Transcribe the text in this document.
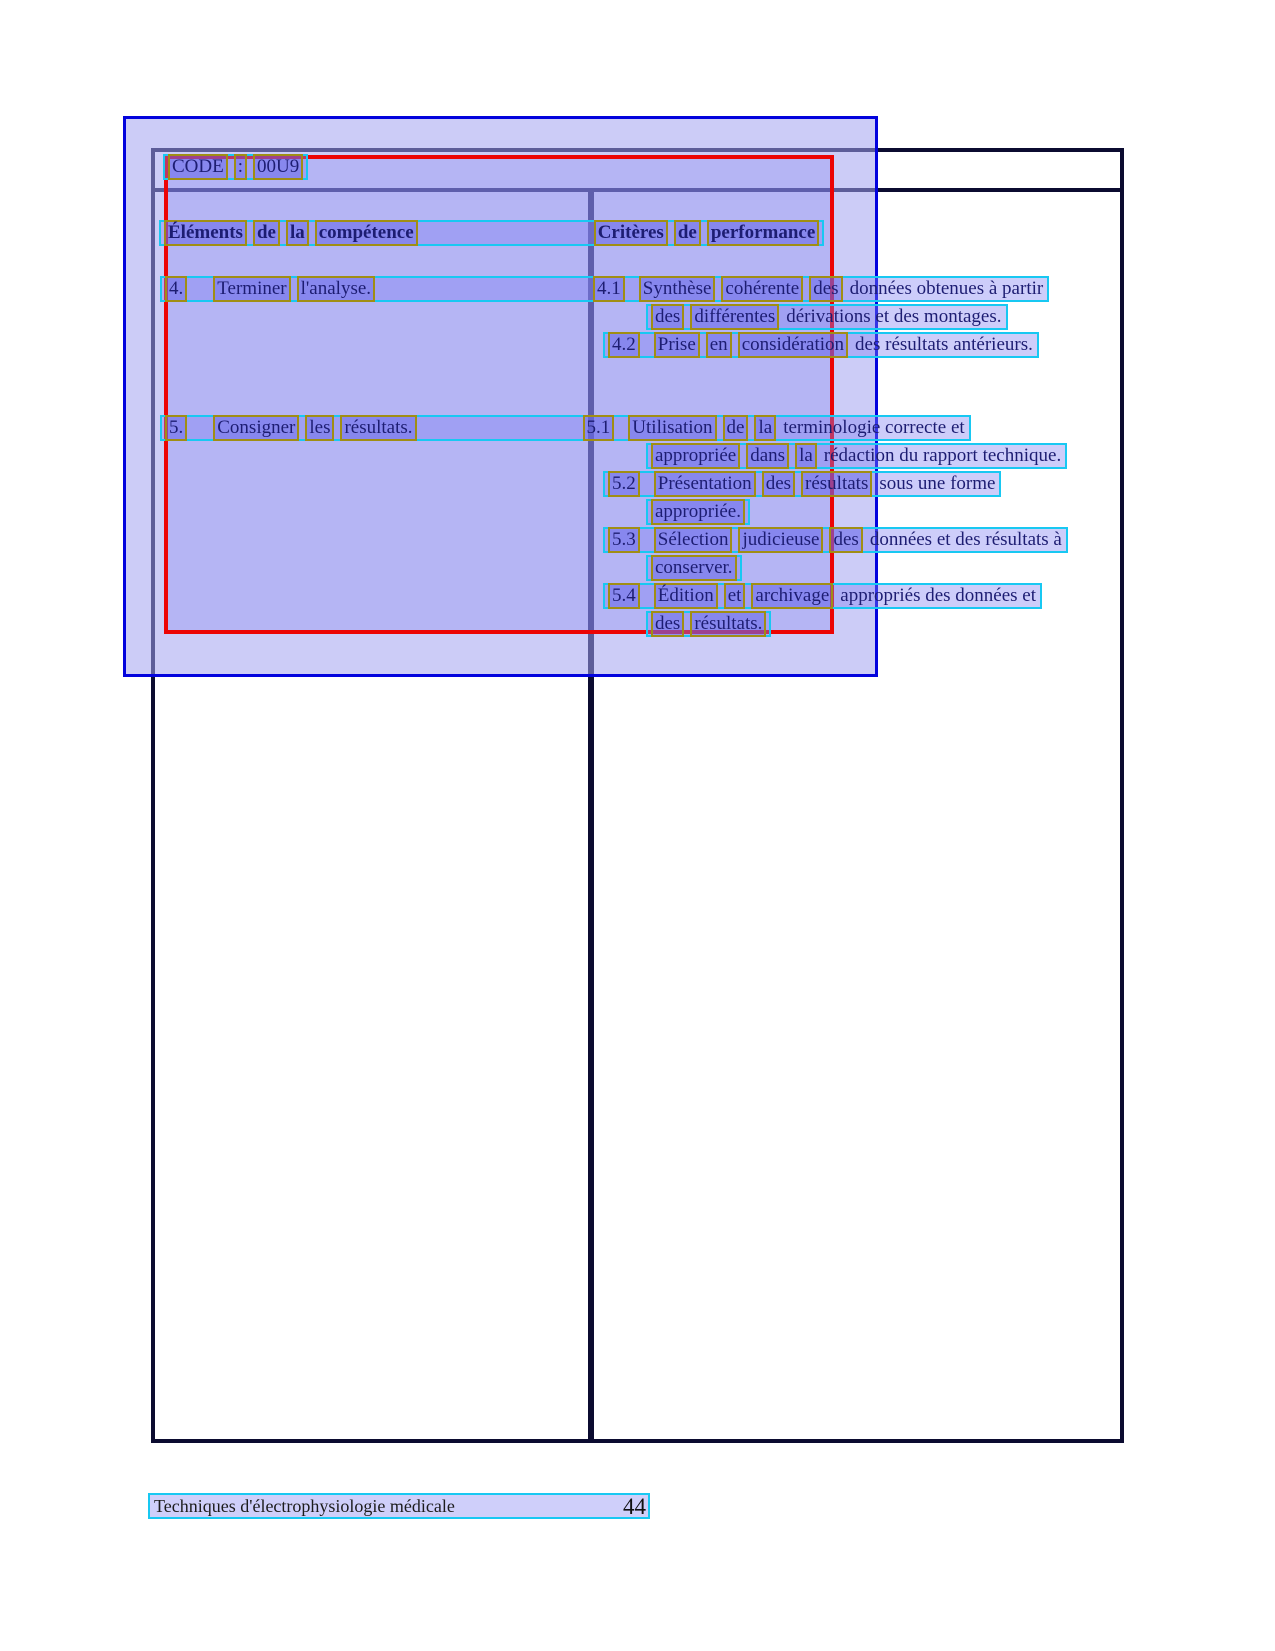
CODE : 00U9
Éléments de la compétence	Critères de performance
4. Terminer l'analyse.	4.1 Synthèse cohérente des données obtenues à partir
des différentes dérivations et des montages.
4.2 Prise en considération des résultats antérieurs.
5. Consigner les résultats.	5.1 Utilisation de la terminologie correcte et
appropriée dans la rédaction du rapport technique.
5.2 Présentation des résultats sous une forme
appropriée.
5.3 Sélection judicieuse des données et des résultats à
conserver.
5.4 Édition et archivage appropriés des données et
des résultats.
Techniques d'électrophysiologie médicale	44
